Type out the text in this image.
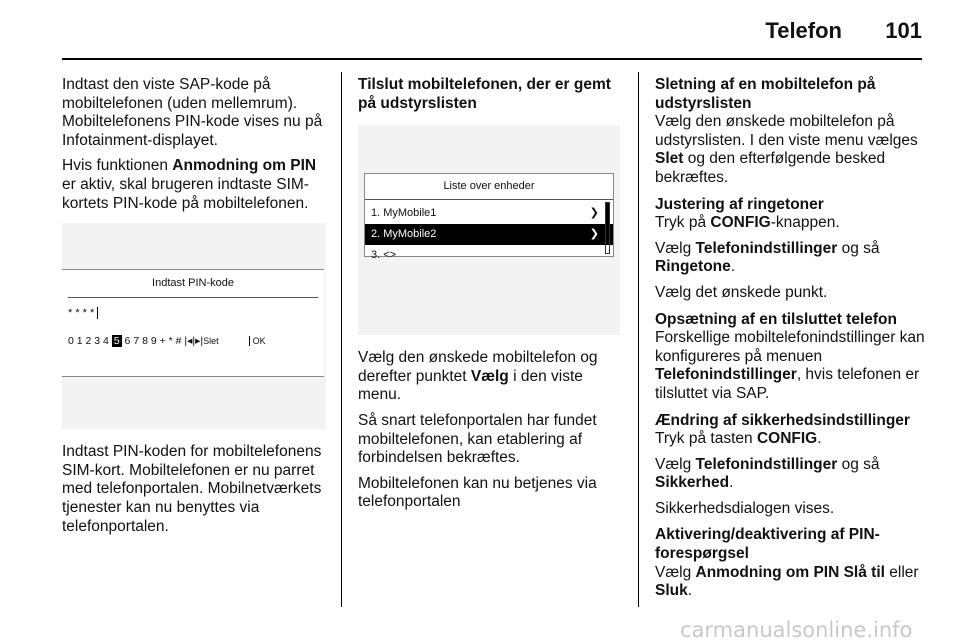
Telefon 101

Indtast den viste SAP-kode på mobiltelefonen (uden mellemrum). Mobiltelefonens PIN-kode vises nu på Infotainment-displayet.

Hvis funktionen Anmodning om PIN er aktiv, skal brugeren indtaste SIM-kortets PIN-kode på mobiltelefonen.

Indtast PIN-kode
* * * *
0 1 2 3 4 5 6 7 8 9 + * # |◂|▸|Slet	OK

Indtast PIN-koden for mobiltelefonens SIM-kort. Mobiltelefonen er nu parret med telefonportalen. Mobilnetværkets tjenester kan nu benyttes via telefonportalen.

Tilslut mobiltelefonen, der er gemt på udstyrslisten
Liste over enheder
1. MyMobile1	❯
2. MyMobile2	❯
3. <>

Vælg den ønskede mobiltelefon og derefter punktet Vælg i den viste menu.

Så snart telefonportalen har fundet mobiltelefonen, kan etablering af forbindelsen bekræftes.

Mobiltelefonen kan nu betjenes via telefonportalen

Sletning af en mobiltelefon på udstyrslisten

Vælg den ønskede mobiltelefon på udstyrslisten. I den viste menu vælges Slet og den efterfølgende besked bekræftes.

Justering af ringetoner

Tryk på CONFIG-knappen.

Vælg Telefonindstillinger og så Ringetone.

Vælg det ønskede punkt.

Opsætning af en tilsluttet telefon

Forskellige mobiltelefonindstillinger kan konfigureres på menuen Telefonindstillinger, hvis telefonen er tilsluttet via SAP.

Ændring af sikkerhedsindstillinger

Tryk på tasten CONFIG.

Vælg Telefonindstillinger og så Sikkerhed.

Sikkerhedsdialogen vises.

Aktivering/deaktivering af PIN-forespørgsel

Vælg Anmodning om PIN Slå til eller Sluk.

carmanualsonline.info
